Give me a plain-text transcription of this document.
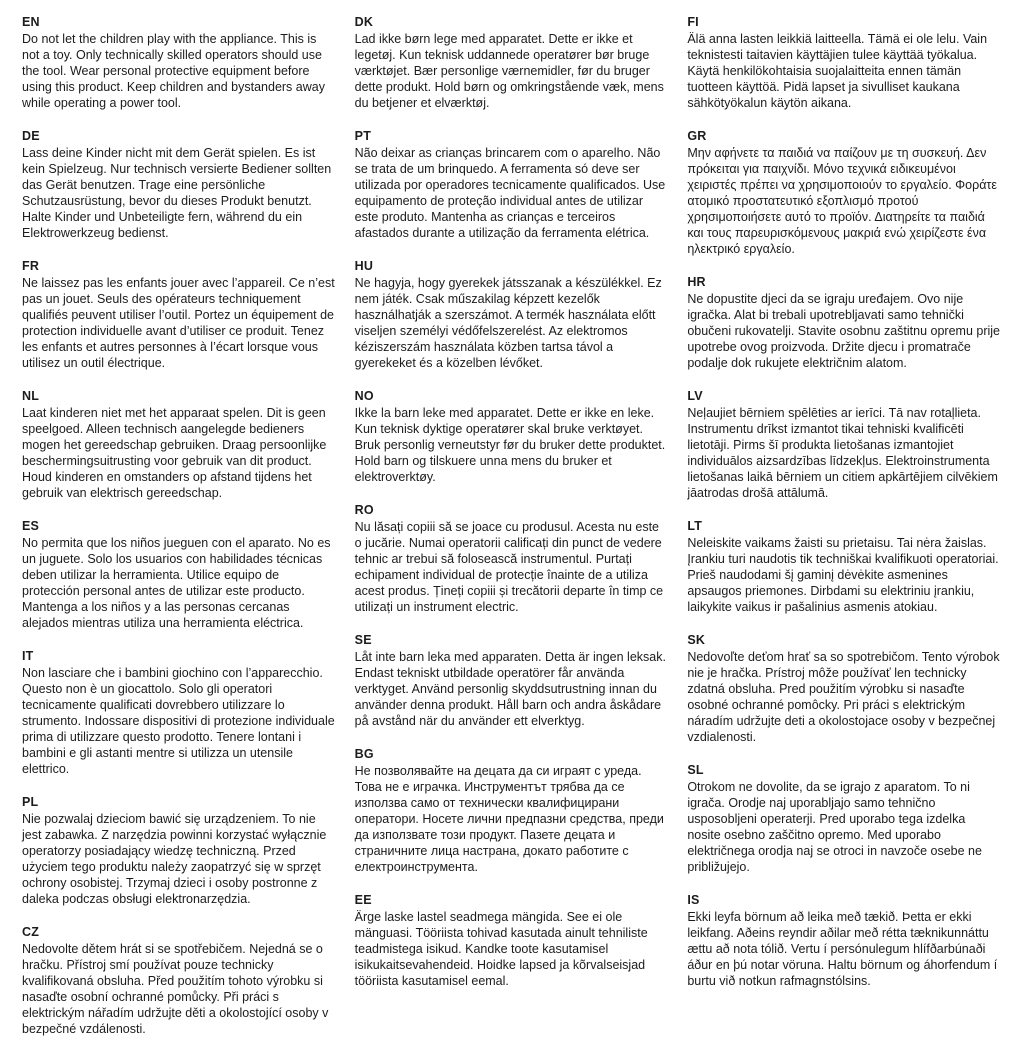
EN

Do not let the children play with the appliance. This is not a toy. Only technically skilled operators should use the tool. Wear personal protective equipment before using this product. Keep children and bystanders away while operating a power tool.

DE

Lass deine Kinder nicht mit dem Gerät spielen. Es ist kein Spielzeug. Nur technisch versierte Bediener sollten das Gerät benutzen. Trage eine persönliche Schutzausrüstung, bevor du dieses Produkt benutzt. Halte Kinder und Unbeteiligte fern, während du ein Elektrowerkzeug bedienst.

FR

Ne laissez pas les enfants jouer avec l’appareil. Ce n’est pas un jouet. Seuls des opérateurs techniquement qualifiés peuvent utiliser l’outil. Portez un équipement de protection individuelle avant d’utiliser ce produit. Tenez les enfants et autres personnes à l’écart lorsque vous utilisez un outil électrique.

NL

Laat kinderen niet met het apparaat spelen. Dit is geen speelgoed. Alleen technisch aangelegde bedieners mogen het gereedschap gebruiken. Draag persoonlijke beschermingsuitrusting voor gebruik van dit product. Houd kinderen en omstanders op afstand tijdens het gebruik van elektrisch gereedschap.

ES

No permita que los niños jueguen con el aparato. No es un juguete. Solo los usuarios con habilidades técnicas deben utilizar la herramienta. Utilice equipo de protección personal antes de utilizar este producto. Mantenga a los niños y a las personas cercanas alejados mientras utiliza una herramienta eléctrica.

IT

Non lasciare che i bambini giochino con l’apparecchio. Questo non è un giocattolo. Solo gli operatori tecnicamente qualificati dovrebbero utilizzare lo strumento. Indossare dispositivi di protezione individuale prima di utilizzare questo prodotto. Tenere lontani i bambini e gli astanti mentre si utilizza un utensile elettrico.

PL

Nie pozwalaj dzieciom bawić się urządzeniem. To nie jest zabawka. Z narzędzia powinni korzystać wyłącznie operatorzy posiadający wiedzę techniczną. Przed użyciem tego produktu należy zaopatrzyć się w sprzęt ochrony osobistej. Trzymaj dzieci i osoby postronne z daleka podczas obsługi elektronarzędzia.

CZ

Nedovolte dětem hrát si se spotřebičem. Nejedná se o hračku. Přístroj smí používat pouze technicky kvalifikovaná obsluha. Před použitím tohoto výrobku si nasaďte osobní ochranné pomůcky. Při práci s elektrickým nářadím udržujte děti a okolostojící osoby v bezpečné vzdálenosti.

DK

Lad ikke børn lege med apparatet. Dette er ikke et legetøj. Kun teknisk uddannede operatører bør bruge værktøjet. Bær personlige værnemidler, før du bruger dette produkt. Hold børn og omkringstående væk, mens du betjener et elværktøj.

PT

Não deixar as crianças brincarem com o aparelho. Não se trata de um brinquedo. A ferramenta só deve ser utilizada por operadores tecnicamente qualificados. Use equipamento de proteção individual antes de utilizar este produto. Mantenha as crianças e terceiros afastados durante a utilização da ferramenta elétrica.

HU

Ne hagyja, hogy gyerekek játsszanak a készülékkel. Ez nem játék. Csak műszakilag képzett kezelők használhatják a szerszámot. A termék használata előtt viseljen személyi védőfelszerelést. Az elektromos kéziszerszám használata közben tartsa távol a gyerekeket és a közelben lévőket.

NO

Ikke la barn leke med apparatet. Dette er ikke en leke. Kun teknisk dyktige operatører skal bruke verktøyet. Bruk personlig verneutstyr før du bruker dette produktet. Hold barn og tilskuere unna mens du bruker et elektroverktøy.

RO

Nu lăsați copiii să se joace cu produsul. Acesta nu este o jucărie. Numai operatorii calificați din punct de vedere tehnic ar trebui să folosească instrumentul. Purtați echipament individual de protecție înainte de a utiliza acest produs. Țineți copiii și trecătorii departe în timp ce utilizați un instrument electric.

SE

Låt inte barn leka med apparaten. Detta är ingen leksak. Endast tekniskt utbildade operatörer får använda verktyget. Använd personlig skyddsutrustning innan du använder denna produkt. Håll barn och andra åskådare på avstånd när du använder ett elverktyg.

BG

Не позволявайте на децата да си играят с уреда. Това не е играчка. Инструментът трябва да се използва само от технически квалифицирани оператори. Носете лични предпазни средства, преди да използвате този продукт. Пазете децата и страничните лица настрана, докато работите с електроинструмента.

EE

Ärge laske lastel seadmega mängida. See ei ole mänguasi. Tööriista tohivad kasutada ainult tehniliste teadmistega isikud. Kandke toote kasutamisel isikukaitsevahendeid. Hoidke lapsed ja kõrvalseisjad tööriista kasutamisel eemal.

FI

Älä anna lasten leikkiä laitteella. Tämä ei ole lelu. Vain teknistesti taitavien käyttäjien tulee käyttää työkalua. Käytä henkilökohtaisia suojalaitteita ennen tämän tuotteen käyttöä. Pidä lapset ja sivulliset kaukana sähkötyökalun käytön aikana.

GR

Μην αφήνετε τα παιδιά να παίζουν με τη συσκευή. Δεν πρόκειται για παιχνίδι. Μόνο τεχνικά ειδικευμένοι χειριστές πρέπει να χρησιμοποιούν το εργαλείο. Φοράτε ατομικό προστατευτικό εξοπλισμό προτού χρησιμοποιήσετε αυτό το προϊόν. Διατηρείτε τα παιδιά και τους παρευρισκόμενους μακριά ενώ χειρίζεστε ένα ηλεκτρικό εργαλείο.

HR

Ne dopustite djeci da se igraju uređajem. Ovo nije igračka. Alat bi trebali upotrebljavati samo tehnički obučeni rukovatelji. Stavite osobnu zaštitnu opremu prije upotrebe ovog proizvoda. Držite djecu i promatrače podalje dok rukujete električnim alatom.

LV

Neļaujiet bērniem spēlēties ar ierīci. Tā nav rotaļlieta. Instrumentu drīkst izmantot tikai tehniski kvalificēti lietotāji. Pirms šī produkta lietošanas izmantojiet individuālos aizsardzības līdzekļus. Elektroinstrumenta lietošanas laikā bērniem un citiem apkārtējiem cilvēkiem jāatrodas drošā attālumā.

LT

Neleiskite vaikams žaisti su prietaisu. Tai nėra žaislas. Įrankiu turi naudotis tik techniškai kvalifikuoti operatoriai. Prieš naudodami šį gaminį dėvėkite asmenines apsaugos priemones. Dirbdami su elektriniu įrankiu, laikykite vaikus ir pašalinius asmenis atokiau.

SK

Nedovoľte deťom hrať sa so spotrebičom. Tento výrobok nie je hračka. Prístroj môže používať len technicky zdatná obsluha. Pred použitím výrobku si nasaďte osobné ochranné pomôcky. Pri práci s elektrickým náradím udržujte deti a okolostojace osoby v bezpečnej vzdialenosti.

SL

Otrokom ne dovolite, da se igrajo z aparatom. To ni igrača. Orodje naj uporabljajo samo tehnično usposobljeni operaterji. Pred uporabo tega izdelka nosite osebno zaščitno opremo. Med uporabo električnega orodja naj se otroci in navzoče osebe ne približujejo.

IS

Ekki leyfa börnum að leika með tækið. Þetta er ekki leikfang. Aðeins reyndir aðilar með rétta tæknikunnáttu ættu að nota tólið. Vertu í persónulegum hlífðarbúnaði áður en þú notar vöruna. Haltu börnum og áhorfendum í burtu við notkun rafmagnstólsins.
